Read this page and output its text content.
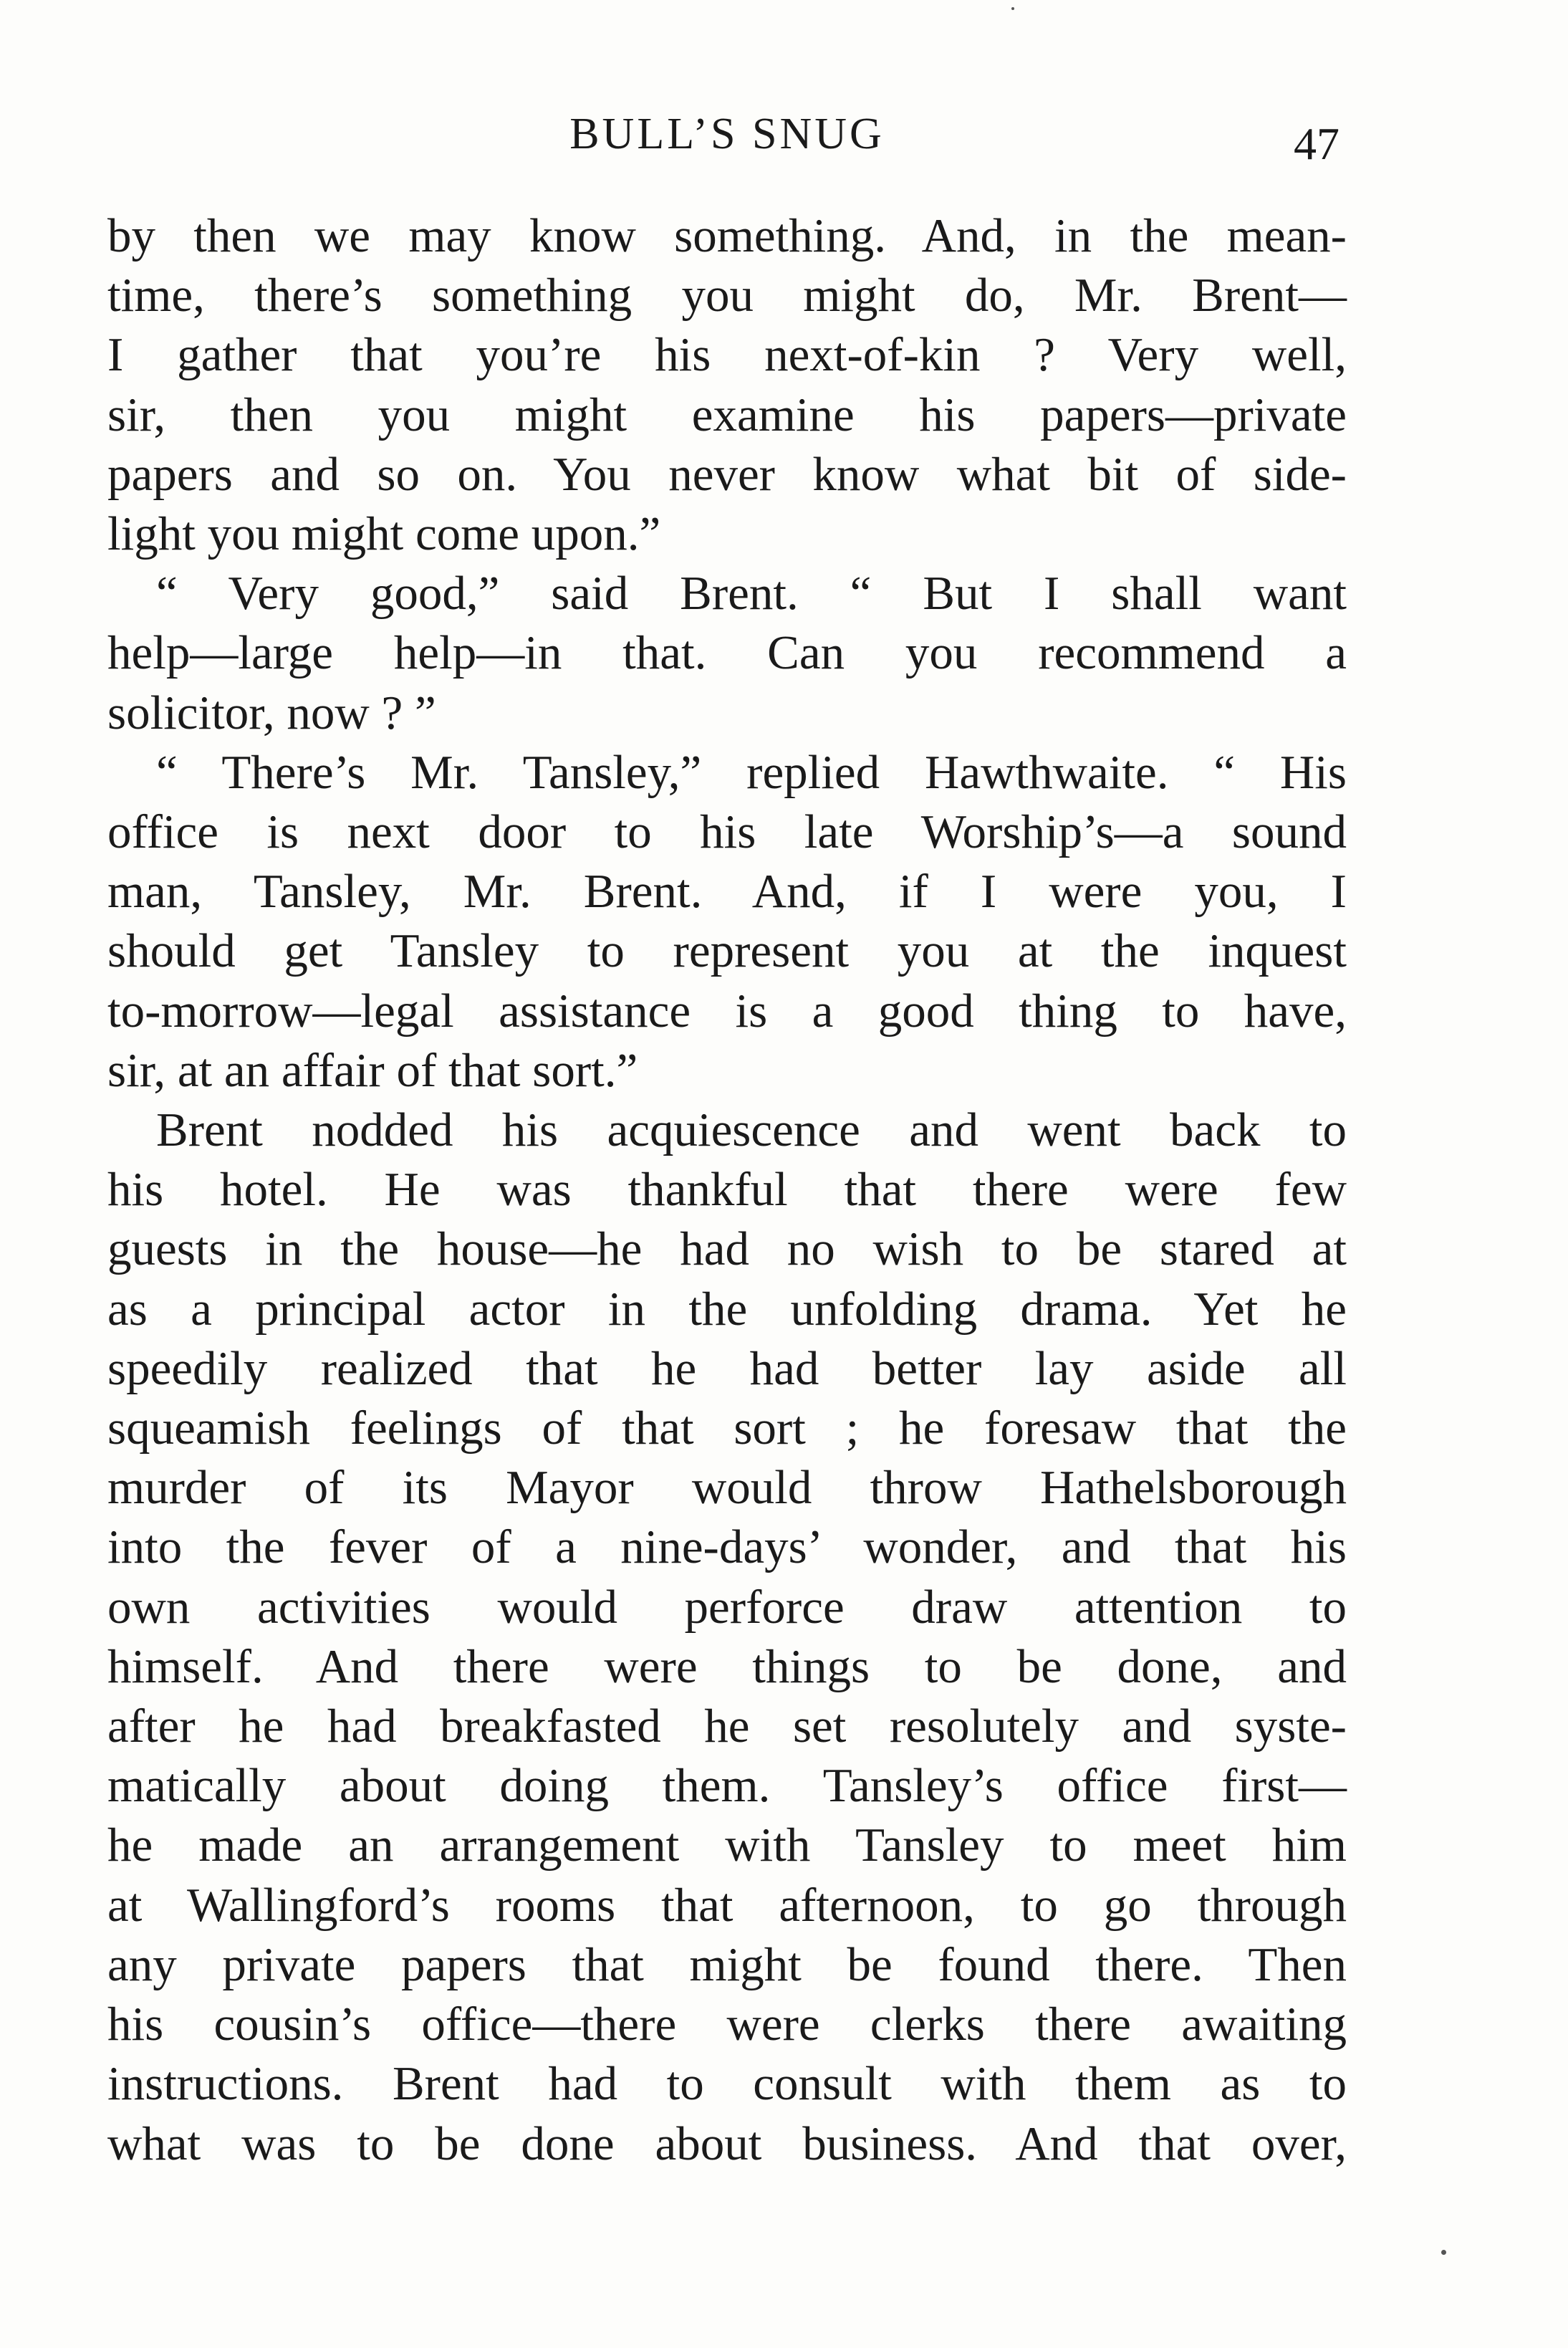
BULL’S SNUG	47

by then we may know something. And, in the mean-

time, there’s something you might do, Mr. Brent—

I gather that you’re his next-of-kin ? Very well,

sir, then you might examine his papers—private

papers and so on. You never know what bit of side-

light you might come upon.”

“ Very good,” said Brent. “ But I shall want

help—large help—in that. Can you recommend a

solicitor, now ? ”

“ There’s Mr. Tansley,” replied Hawthwaite. “ His

office is next door to his late Worship’s—a sound

man, Tansley, Mr. Brent. And, if I were you, I

should get Tansley to represent you at the inquest

to-morrow—legal assistance is a good thing to have,

sir, at an affair of that sort.”

Brent nodded his acquiescence and went back to

his hotel. He was thankful that there were few

guests in the house—he had no wish to be stared at

as a principal actor in the unfolding drama. Yet he

speedily realized that he had better lay aside all

squeamish feelings of that sort ; he foresaw that the

murder of its Mayor would throw Hathelsborough

into the fever of a nine-days’ wonder, and that his

own activities would perforce draw attention to

himself. And there were things to be done, and

after he had breakfasted he set resolutely and syste-

matically about doing them. Tansley’s office first—

he made an arrangement with Tansley to meet him

at Wallingford’s rooms that afternoon, to go through

any private papers that might be found there. Then

his cousin’s office—there were clerks there awaiting

instructions. Brent had to consult with them as to

what was to be done about business. And that over,
